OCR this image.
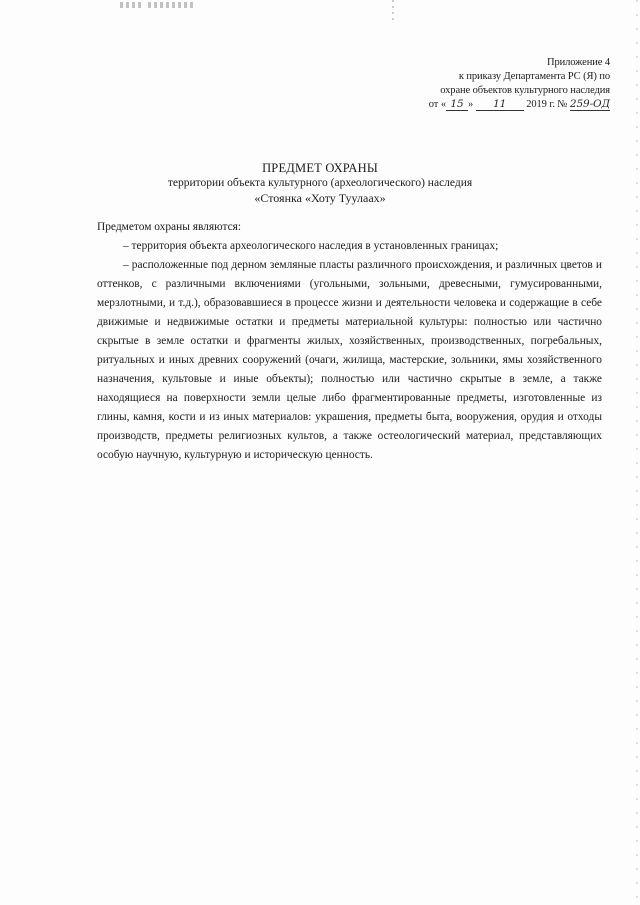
Приложение 4
к приказу Департамента РС (Я) по
охране объектов культурного наследия
от « 15 » 11 2019 г. № 259-ОД
ПРЕДМЕТ ОХРАНЫ
территории объекта культурного (археологического) наследия
«Стоянка «Хоту Туулаах»

Предметом охраны являются:

– территория объекта археологического наследия в установленных границах;

– расположенные под дерном земляные пласты различного происхождения, и различных цветов и оттенков, с различными включениями (угольными, зольными, древесными, гумусированными, мерзлотными, и т.д.), образовавшиеся в процессе жизни и деятельности человека и содержащие в себе движимые и недвижимые остатки и предметы материальной культуры: полностью или частично скрытые в земле остатки и фрагменты жилых, хозяйственных, производственных, погребальных, ритуальных и иных древних сооружений (очаги, жилища, мастерские, зольники, ямы хозяйственного назначения, культовые и иные объекты); полностью или частично скрытые в земле, а также находящиеся на поверхности земли целые либо фрагментированные предметы, изготовленные из глины, камня, кости и из иных материалов: украшения, предметы быта, вооружения, орудия и отходы производств, предметы религиозных культов, а также остеологический материал, представляющих особую научную, культурную и историческую ценность.
